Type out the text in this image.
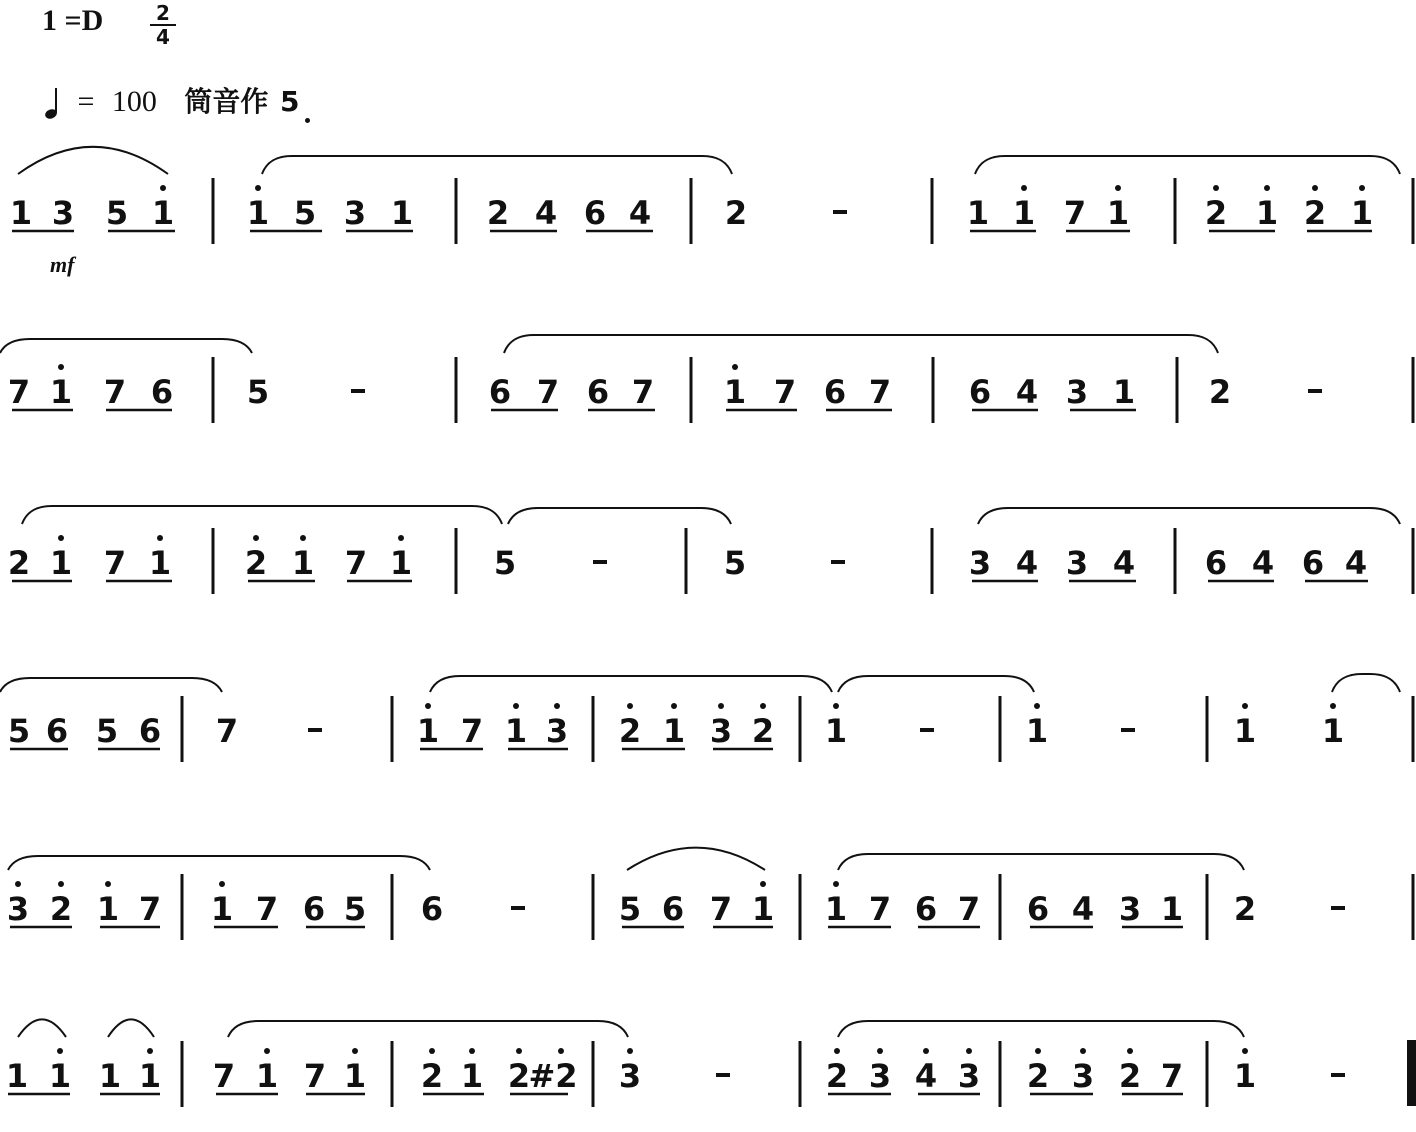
1 =D	2
4
= 100 筒音作 5
mf
1 3 5 1 1 5 3 1 2 4 6 4 2	1 1 7 1 2 1 2 1
7 1 7 6 5	6 7 6 7 1 7 6 7 6 4 3 1 2
2 1 7 1 2 1 7 1	5	5	3 4 3 4 6 4 6 4
5 6 5 6 7	1 7 1 3 2 1 3 2 1	1	1 1
3 2 1 7 1 7 6 5 6	5 6 7 1 1 7 6 7 6 4 3 1 2
1 1 1 1 7 1 7 1 2 1 2
#2 3	2 3 4 3 2 3 2 7 1
